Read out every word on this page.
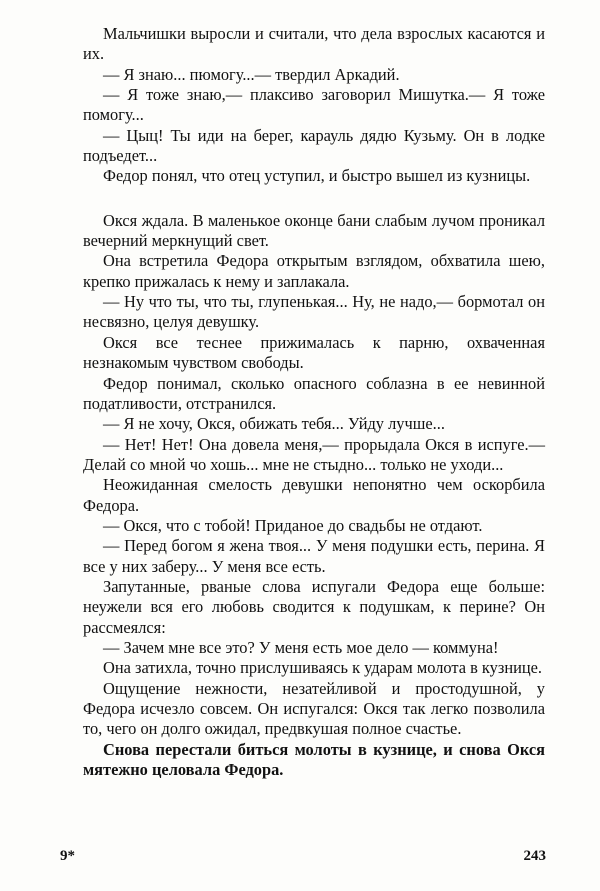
Мальчишки выросли и считали, что дела взрослых касаются и их.

— Я знаю... пюмогу...— твердил Аркадий.

— Я тоже знаю,— плаксиво заговорил Мишутка.— Я тоже помогу...

— Цыц! Ты иди на берег, карауль дядю Кузьму. Он в лодке подъедет...

Федор понял, что отец уступил, и быстро вышел из кузницы.

Окся ждала. В маленькое оконце бани слабым лучом проникал вечерний меркнущий свет.

Она встретила Федора открытым взглядом, обхватила шею, крепко прижалась к нему и заплакала.

— Ну что ты, что ты, глупенькая... Ну, не надо,— бормотал он несвязно, целуя девушку.

Окся все теснее прижималась к парню, охваченная незнакомым чувством свободы.

Федор понимал, сколько опасного соблазна в ее невинной податливости, отстранился.

— Я не хочу, Окся, обижать тебя... Уйду лучше...

— Нет! Нет! Она довела меня,— прорыдала Окся в испуге.— Делай со мной чо хошь... мне не стыдно... только не уходи...

Неожиданная смелость девушки непонятно чем оскорбила Федора.

— Окся, что с тобой! Приданое до свадьбы не отдают.

— Перед богом я жена твоя... У меня подушки есть, перина. Я все у них заберу... У меня все есть.

Запутанные, рваные слова испугали Федора еще больше: неужели вся его любовь сводится к подушкам, к перине? Он рассмеялся:

— Зачем мне все это? У меня есть мое дело — коммуна!

Она затихла, точно прислушиваясь к ударам молота в кузнице.

Ощущение нежности, незатейливой и простодушной, у Федора исчезло совсем. Он испугался: Окся так легко позволила то, чего он долго ожидал, предвкушая полное счастье.

Снова перестали биться молоты в кузнице, и снова Окся мятежно целовала Федора.

9*	243
